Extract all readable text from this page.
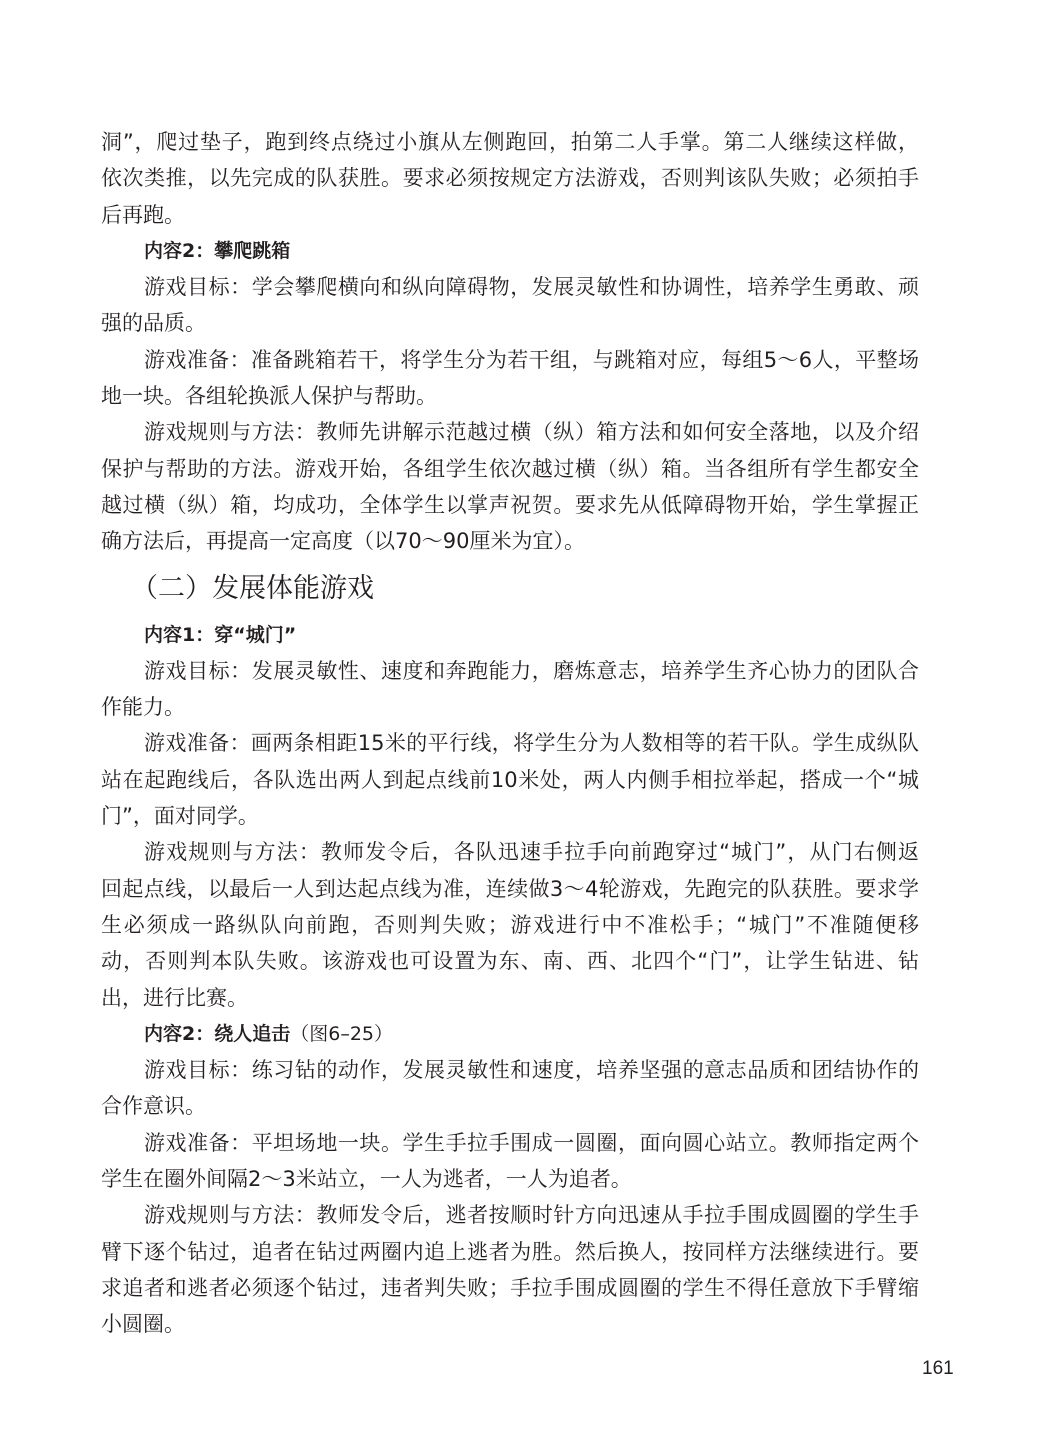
洞”，爬过垫子，跑到终点绕过小旗从左侧跑回，拍第二人手掌。第二人继续这样做，
依次类推，以先完成的队获胜。要求必须按规定方法游戏，否则判该队失败；必须拍手
后再跑。
内容2：攀爬跳箱
游戏目标：学会攀爬横向和纵向障碍物，发展灵敏性和协调性，培养学生勇敢、顽
强的品质。
游戏准备：准备跳箱若干，将学生分为若干组，与跳箱对应，每组5～6人，平整场
地一块。各组轮换派人保护与帮助。
游戏规则与方法：教师先讲解示范越过横（纵）箱方法和如何安全落地，以及介绍
保护与帮助的方法。游戏开始，各组学生依次越过横（纵）箱。当各组所有学生都安全
越过横（纵）箱，均成功，全体学生以掌声祝贺。要求先从低障碍物开始，学生掌握正
确方法后，再提高一定高度（以70～90厘米为宜）。
（二）发展体能游戏
内容1：穿“城门”
游戏目标：发展灵敏性、速度和奔跑能力，磨炼意志，培养学生齐心协力的团队合
作能力。
游戏准备：画两条相距15米的平行线，将学生分为人数相等的若干队。学生成纵队
站在起跑线后，各队选出两人到起点线前10米处，两人内侧手相拉举起，搭成一个“城
门”，面对同学。
游戏规则与方法：教师发令后，各队迅速手拉手向前跑穿过“城门”，从门右侧返
回起点线，以最后一人到达起点线为准，连续做3～4轮游戏，先跑完的队获胜。要求学
生必须成一路纵队向前跑，否则判失败；游戏进行中不准松手；“城门”不准随便移
动，否则判本队失败。该游戏也可设置为东、南、西、北四个“门”，让学生钻进、钻
出，进行比赛。
内容2：绕人追击（图6–25）
游戏目标：练习钻的动作，发展灵敏性和速度，培养坚强的意志品质和团结协作的
合作意识。
游戏准备：平坦场地一块。学生手拉手围成一圆圈，面向圆心站立。教师指定两个
学生在圈外间隔2～3米站立，一人为逃者，一人为追者。
游戏规则与方法：教师发令后，逃者按顺时针方向迅速从手拉手围成圆圈的学生手
臂下逐个钻过，追者在钻过两圈内追上逃者为胜。然后换人，按同样方法继续进行。要
求追者和逃者必须逐个钻过，违者判失败；手拉手围成圆圈的学生不得任意放下手臂缩
小圆圈。
161
